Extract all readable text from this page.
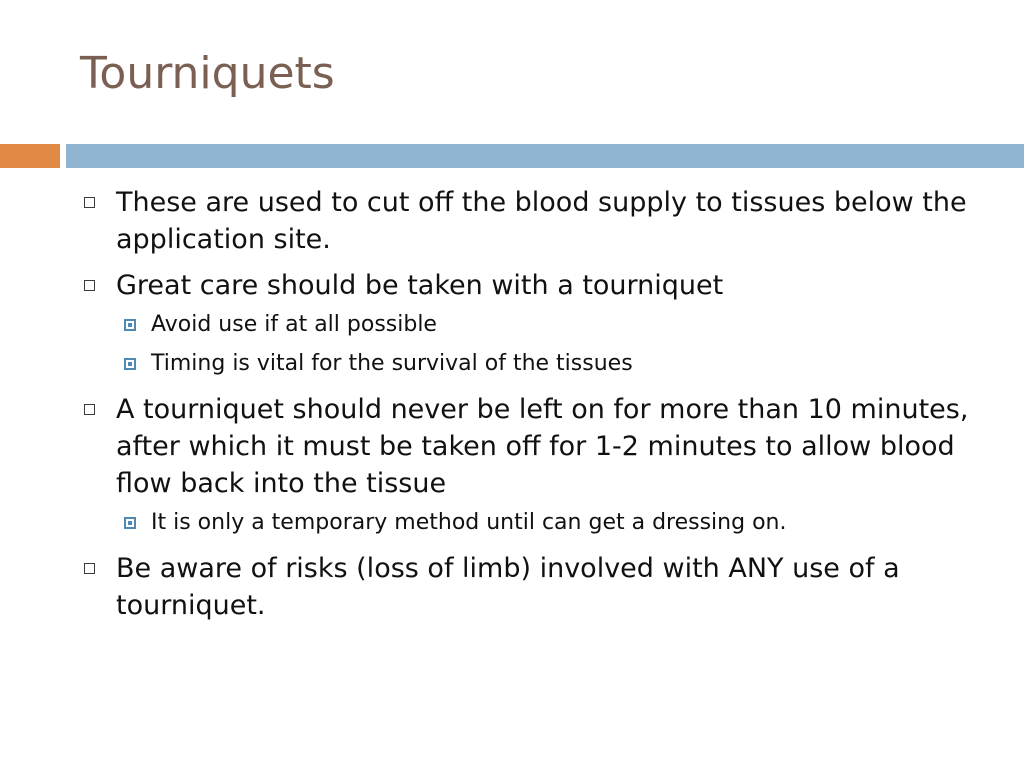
Tourniquets
These are used to cut off the blood supply to tissues below the application site.
Great care should be taken with a tourniquet
Avoid use if at all possible
Timing is vital for the survival of the tissues
A tourniquet should never be left on for more than 10 minutes, after which it must be taken off for 1-2 minutes to allow blood flow back into the tissue
It is only a temporary method until can get a dressing on.
Be aware of risks (loss of limb) involved with ANY use of a tourniquet.
